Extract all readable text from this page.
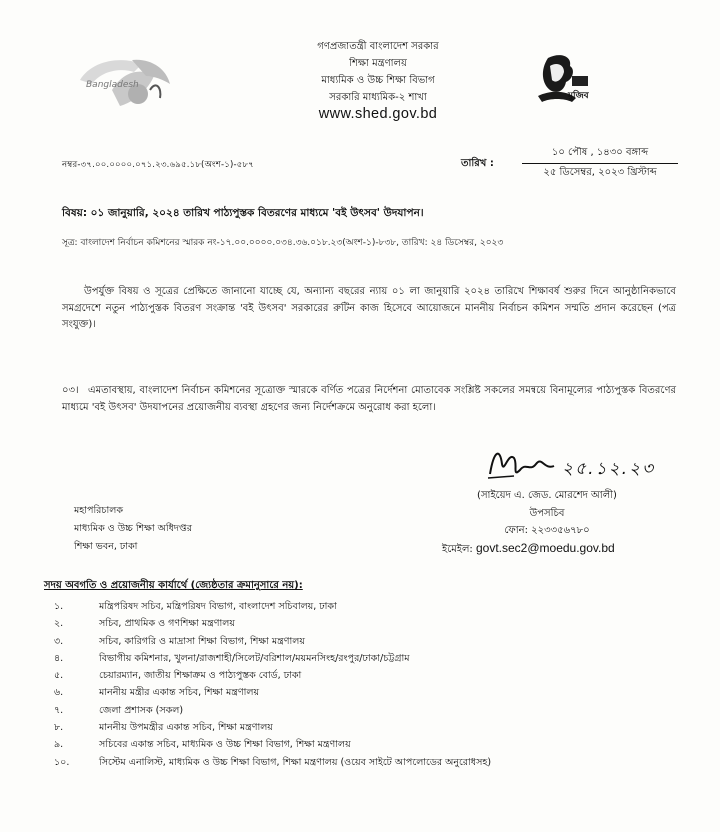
Bangladesh
মুজিব
গণপ্রজাতন্ত্রী বাংলাদেশ সরকার
শিক্ষা মন্ত্রণালয়
মাধ্যমিক ও উচ্চ শিক্ষা বিভাগ
সরকারি মাধ্যমিক-২ শাখা
www.shed.gov.bd
নম্বর-৩৭.০০.০০০০.০৭১.২৩.৬৯৫.১৮(অংশ-১)-৫৮৭	তারিখ :
১০ পৌষ , ১৪৩০ বঙ্গাব্দ
২৫ ডিসেম্বর, ২০২৩ খ্রিস্টাব্দ
বিষয়: ০১ জানুয়ারি, ২০২৪ তারিখ পাঠ্যপুস্তক বিতরণের মাধ্যমে 'বই উৎসব' উদযাপন।
সূত্র: বাংলাদেশ নির্বাচন কমিশনের স্মারক নং-১৭.০০.০০০০.০৩৪.৩৬.০১৮.২৩(অংশ-১)-৮৩৮, তারিখ: ২৪ ডিসেম্বর, ২০২৩
উপর্যুক্ত বিষয় ও সূত্রের প্রেক্ষিতে জানানো যাচ্ছে যে, অন্যান্য বছরের ন্যায় ০১ লা জানুয়ারি ২০২৪ তারিখে শিক্ষাবর্ষ শুরুর দিনে আনুষ্ঠানিকভাবে সমগ্রদেশে নতুন পাঠ্যপুস্তক বিতরণ সংক্রান্ত 'বই উৎসব' সরকারের রুটিন কাজ হিসেবে আয়োজনে মাননীয় নির্বাচন কমিশন সম্মতি প্রদান করেছেন (পত্র সংযুক্ত)।
০৩। এমতাবস্থায়, বাংলাদেশ নির্বাচন কমিশনের সূত্রোক্ত স্মারকে বর্ণিত পত্রের নির্দেশনা মোতাবেক সংশ্লিষ্ট সকলের সমন্বয়ে বিনামূল্যের পাঠ্যপুস্তক বিতরণের মাধ্যমে 'বই উৎসব' উদযাপনের প্রয়োজনীয় ব্যবস্থা গ্রহণের জন্য নির্দেশক্রমে অনুরোধ করা হলো।
২৫.১২.২৩
(সাইয়েদ এ. জেড. মোরশেদ আলী)
উপসচিব
ফোন: ২২৩৩৫৬৭৮০
ইমেইল: govt.sec2@moedu.gov.bd
মহাপরিচালক
মাধ্যমিক ও উচ্চ শিক্ষা অধিদপ্তর
শিক্ষা ভবন, ঢাকা
সদয় অবগতি ও প্রয়োজনীয় কার্যার্থে (জ্যেষ্ঠতার ক্রমানুসারে নয়):
১.	মন্ত্রিপরিষদ সচিব, মন্ত্রিপরিষদ বিভাগ, বাংলাদেশ সচিবালয়, ঢাকা
২.	সচিব, প্রাথমিক ও গণশিক্ষা মন্ত্রণালয়
৩.	সচিব, কারিগরি ও মাদ্রাসা শিক্ষা বিভাগ, শিক্ষা মন্ত্রণালয়
৪.	বিভাগীয় কমিশনার, খুলনা/রাজশাহী/সিলেট/বরিশাল/ময়মনসিংহ/রংপুর/ঢাকা/চট্টগ্রাম
৫.	চেয়ারম্যান, জাতীয় শিক্ষাক্রম ও পাঠ্যপুস্তক বোর্ড, ঢাকা
৬.	মাননীয় মন্ত্রীর একান্ত সচিব, শিক্ষা মন্ত্রণালয়
৭.	জেলা প্রশাসক (সকল)
৮.	মাননীয় উপমন্ত্রীর একান্ত সচিব, শিক্ষা মন্ত্রণালয়
৯.	সচিবের একান্ত সচিব, মাধ্যমিক ও উচ্চ শিক্ষা বিভাগ, শিক্ষা মন্ত্রণালয়
১০.	সিস্টেম এনালিস্ট, মাধ্যমিক ও উচ্চ শিক্ষা বিভাগ, শিক্ষা মন্ত্রণালয় (ওয়েব সাইটে আপলোডের অনুরোধসহ)
